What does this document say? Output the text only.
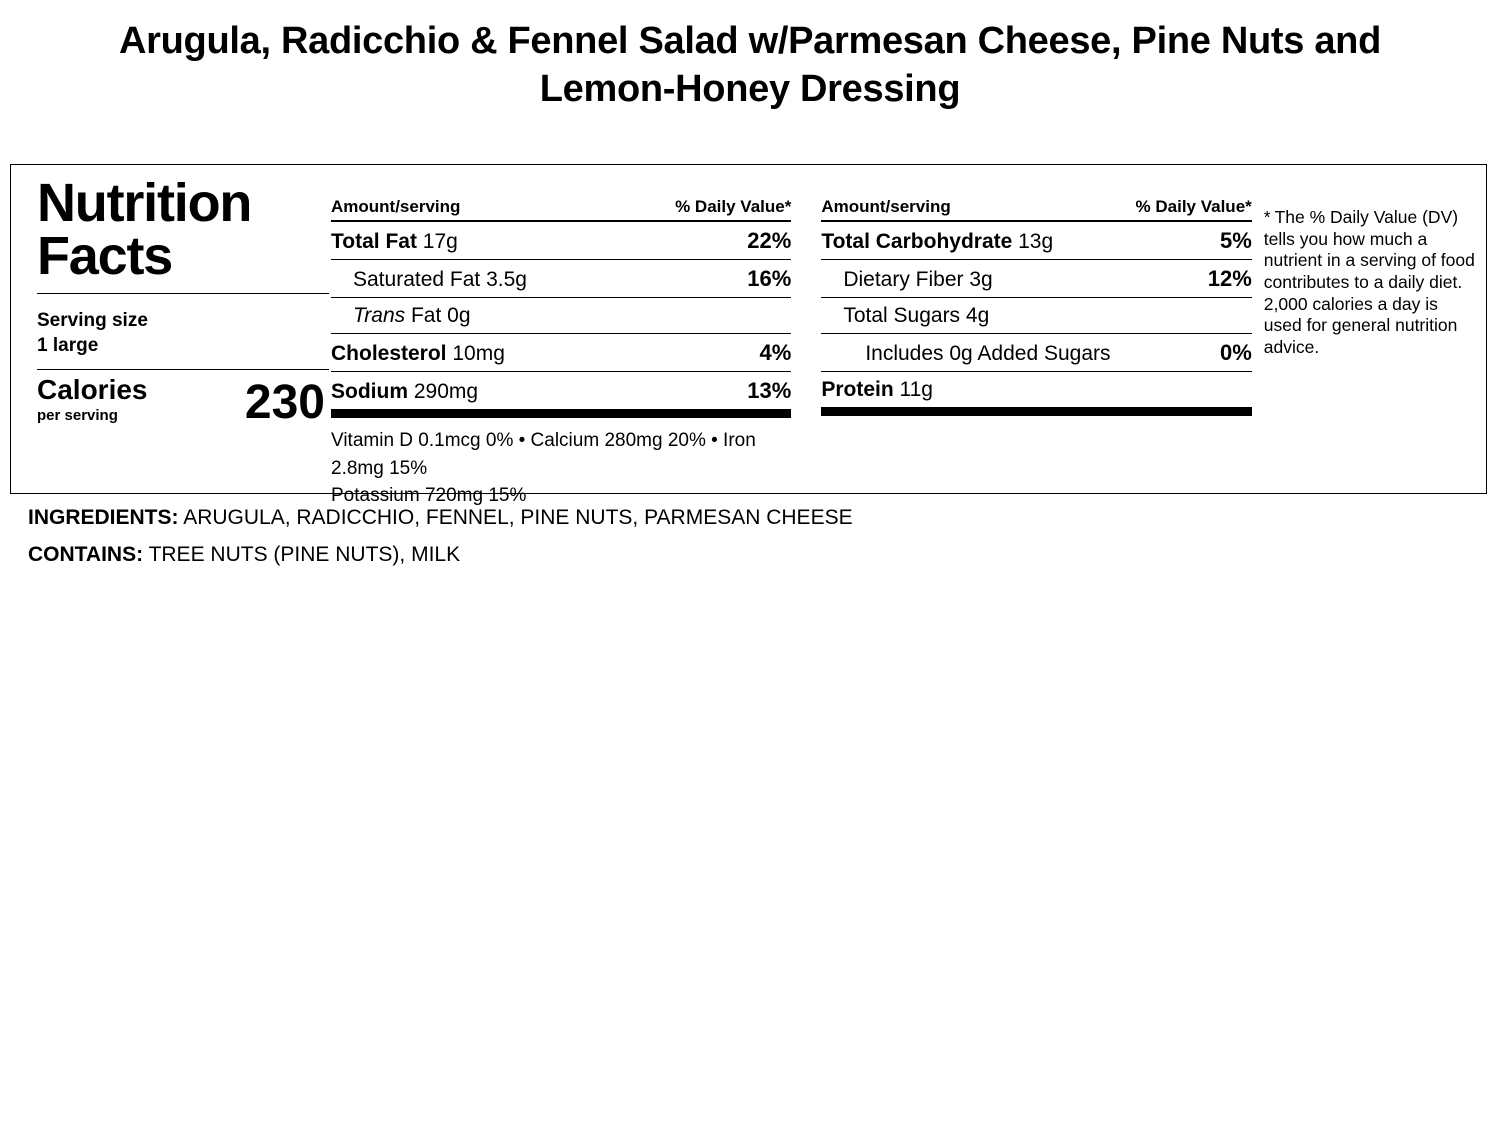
Arugula, Radicchio & Fennel Salad w/Parmesan Cheese, Pine Nuts and Lemon-Honey Dressing
Nutrition
Facts
Serving size
1 large
Calories
per serving	230
Amount/serving	% Daily Value*
Total Fat 17g	22%
Saturated Fat 3.5g	16%
Trans Fat 0g
Cholesterol 10mg	4%
Sodium 290mg	13%
Vitamin D 0.1mcg 0% • Calcium 280mg 20% • Iron 2.8mg 15%
Potassium 720mg 15%
Amount/serving	% Daily Value*
Total Carbohydrate 13g	5%
Dietary Fiber 3g	12%
Total Sugars 4g
Includes 0g Added Sugars	0%
Protein 11g
* The % Daily Value (DV) tells you how much a nutrient in a serving of food contributes to a daily diet. 2,000 calories a day is used for general nutrition advice.
INGREDIENTS: ARUGULA, RADICCHIO, FENNEL, PINE NUTS, PARMESAN CHEESE
CONTAINS: TREE NUTS (PINE NUTS), MILK
